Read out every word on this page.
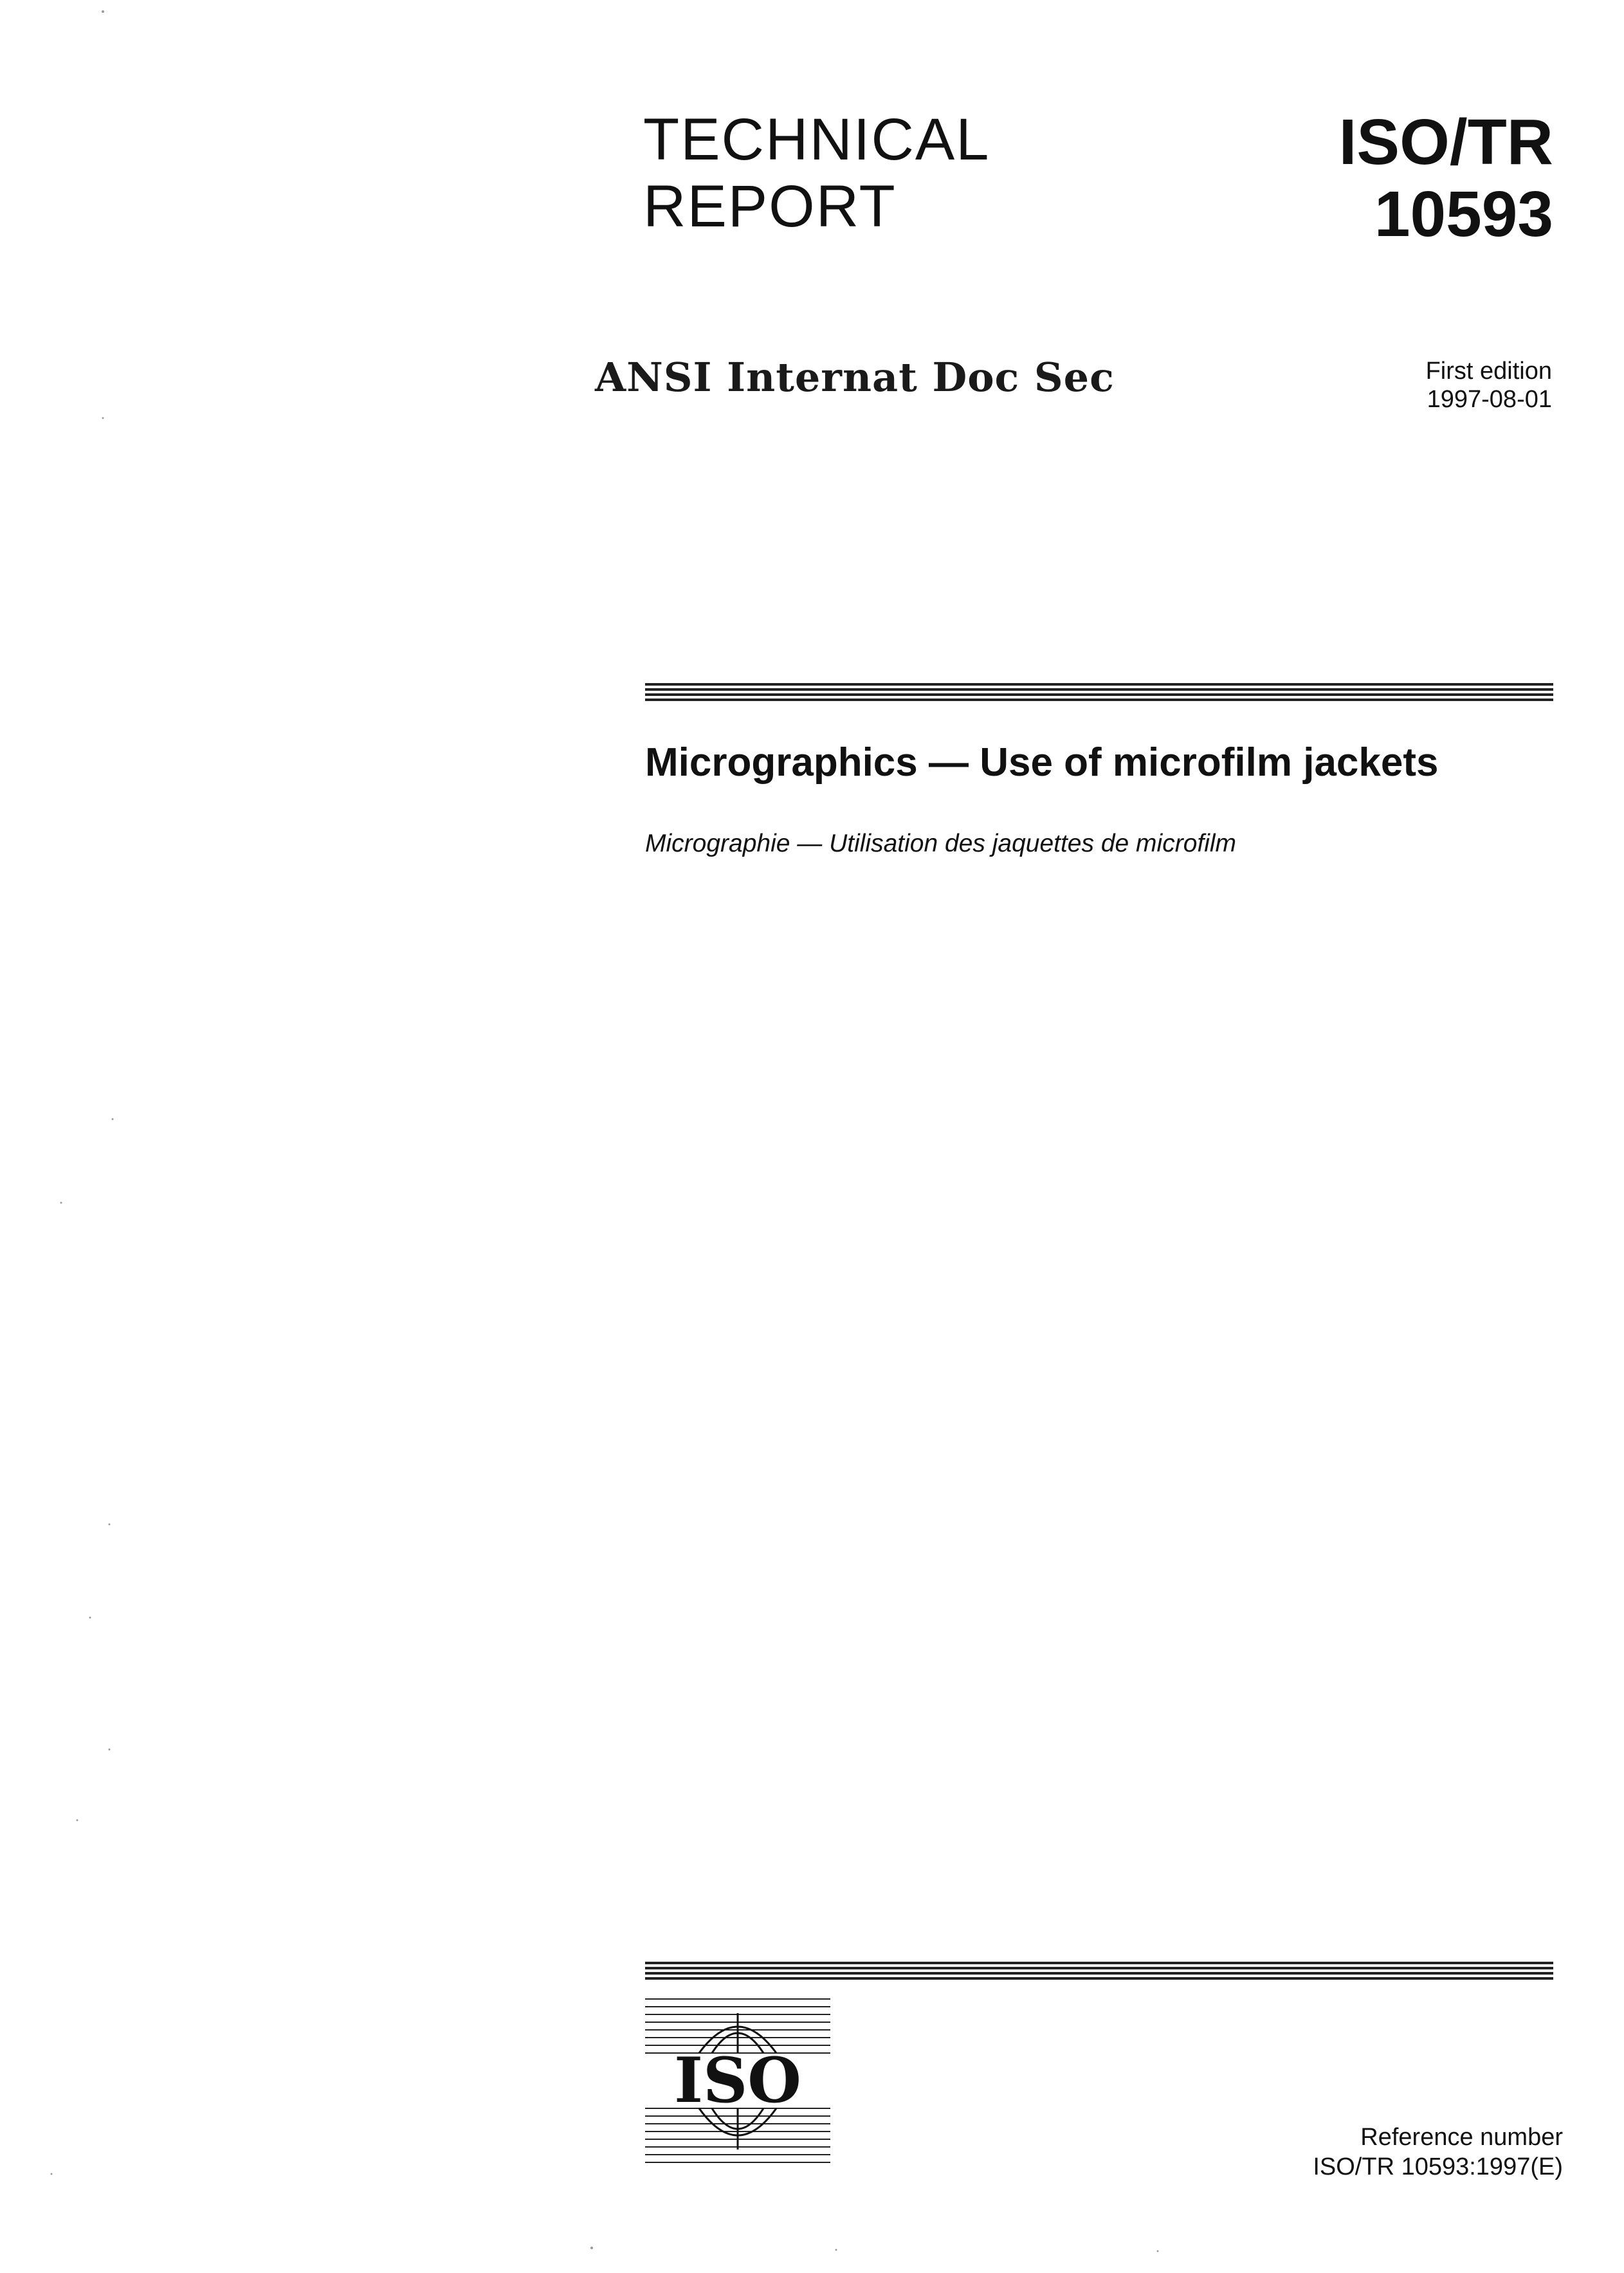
TECHNICAL
REPORT
ISO/TR
10593
ANSI Internat Doc Sec	First edition
1997-08-01
Micrographics — Use of microfilm jackets
Micrographie — Utilisation des jaquettes de microfilm
ISO
Reference number
ISO/TR 10593:1997(E)
